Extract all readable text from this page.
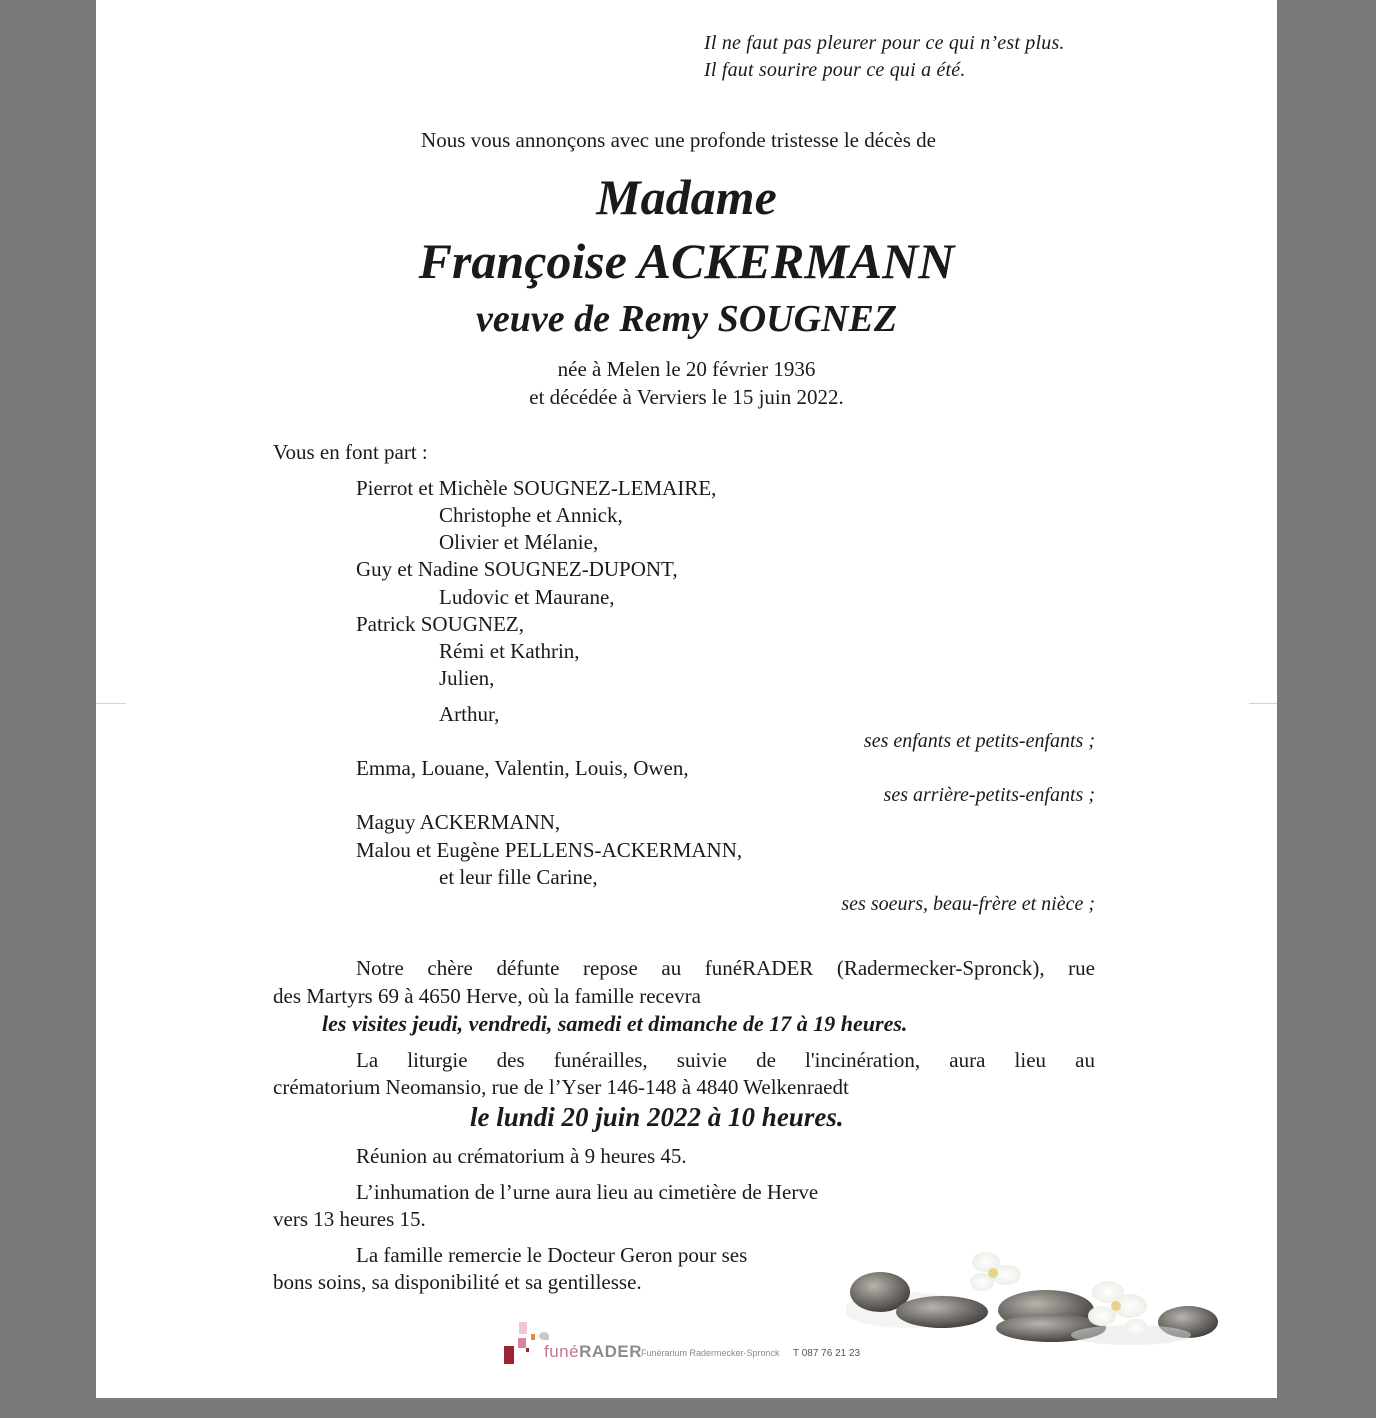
Il ne faut pas pleurer pour ce qui n’est plus.
Il faut sourire pour ce qui a été.
Nous vous annonçons avec une profonde tristesse le décès de
Madame
Françoise ACKERMANN
veuve de Remy SOUGNEZ
née à Melen le 20 février 1936
et décédée à Verviers le 15 juin 2022.
Vous en font part :
Pierrot et Michèle SOUGNEZ-LEMAIRE,
Christophe et Annick,
Olivier et Mélanie,
Guy et Nadine SOUGNEZ-DUPONT,
Ludovic et Maurane,
Patrick SOUGNEZ,
Rémi et Kathrin,
Julien,
Arthur,
ses enfants et petits-enfants ;
Emma, Louane, Valentin, Louis, Owen,
ses arrière-petits-enfants ;
Maguy ACKERMANN,
Malou et Eugène PELLENS-ACKERMANN,
et leur fille Carine,
ses soeurs, beau-frère et nièce ;
Notre chère défunte repose au funéRADER (Radermecker-Spronck), rue
des Martyrs 69 à 4650 Herve, où la famille recevra
les visites jeudi, vendredi, samedi et dimanche de 17 à 19 heures.
La liturgie des funérailles, suivie de l'incinération, aura lieu au
crématorium Neomansio, rue de l’Yser 146-148 à 4840 Welkenraedt
le lundi 20 juin 2022 à 10 heures.
Réunion au crématorium à 9 heures 45.
L’inhumation de l’urne aura lieu au cimetière de Herve
vers 13 heures 15.
La famille remercie le Docteur Geron pour ses
bons soins, sa disponibilité et sa gentillesse.
funéRADER
Funérarium Radermecker-Spronck T 087 76 21 23
